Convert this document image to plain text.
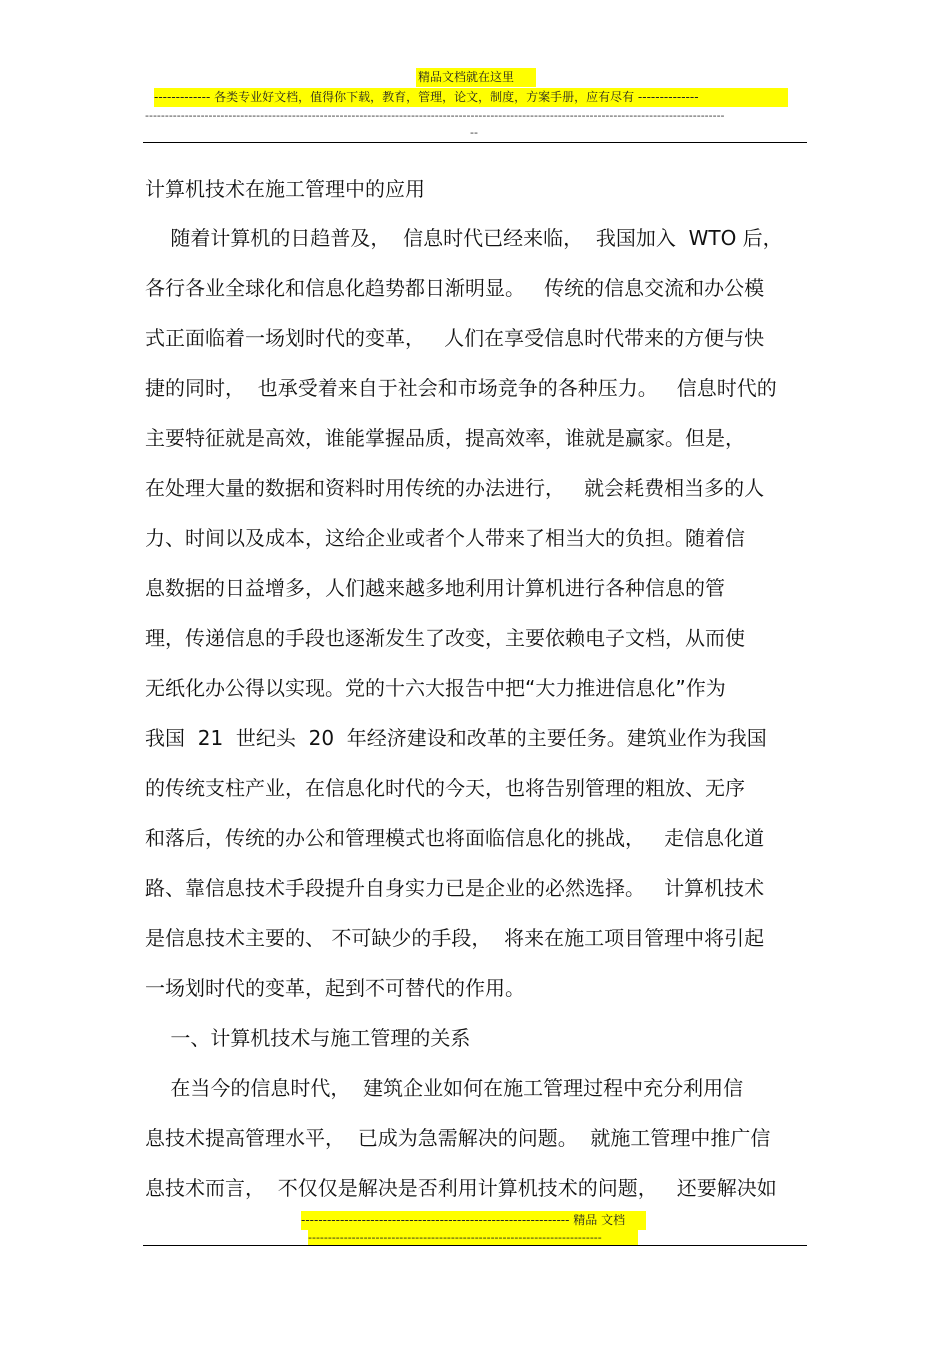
精品文档就在这里
------------- 各类专业好文档，值得你下载，教育，管理，论文，制度，方案手册，应有尽有 --------------
--------------------------------------------------------------------------------------------------------------------------------------------------
--
计算机技术在施工管理中的应用
随着计算机的日趋普及，  信息时代已经来临，  我国加入  WTO 后，
各行各业全球化和信息化趋势都日渐明显。   传统的信息交流和办公模
式正面临着一场划时代的变革，   人们在享受信息时代带来的方便与快
捷的同时，  也承受着来自于社会和市场竞争的各种压力。   信息时代的
主要特征就是高效，谁能掌握品质，提高效率，谁就是赢家。但是，
在处理大量的数据和资料时用传统的办法进行，   就会耗费相当多的人
力、时间以及成本，这给企业或者个人带来了相当大的负担。随着信
息数据的日益增多，人们越来越多地利用计算机进行各种信息的管
理，传递信息的手段也逐渐发生了改变，主要依赖电子文档，从而使
无纸化办公得以实现。党的十六大报告中把“大力推进信息化”作为
我国  21  世纪头  20  年经济建设和改革的主要任务。建筑业作为我国
的传统支柱产业，在信息化时代的今天，也将告别管理的粗放、无序
和落后，传统的办公和管理模式也将面临信息化的挑战，   走信息化道
路、靠信息技术手段提升自身实力已是企业的必然选择。   计算机技术
是信息技术主要的、 不可缺少的手段，  将来在施工项目管理中将引起
一场划时代的变革，起到不可替代的作用。
一、计算机技术与施工管理的关系
在当今的信息时代，  建筑企业如何在施工管理过程中充分利用信
息技术提高管理水平，  已成为急需解决的问题。  就施工管理中推广信
息技术而言，  不仅仅是解决是否利用计算机技术的问题，   还要解决如
-------------------------------------------------------------- 精品 文档
--------------------------------------------------------------------------
